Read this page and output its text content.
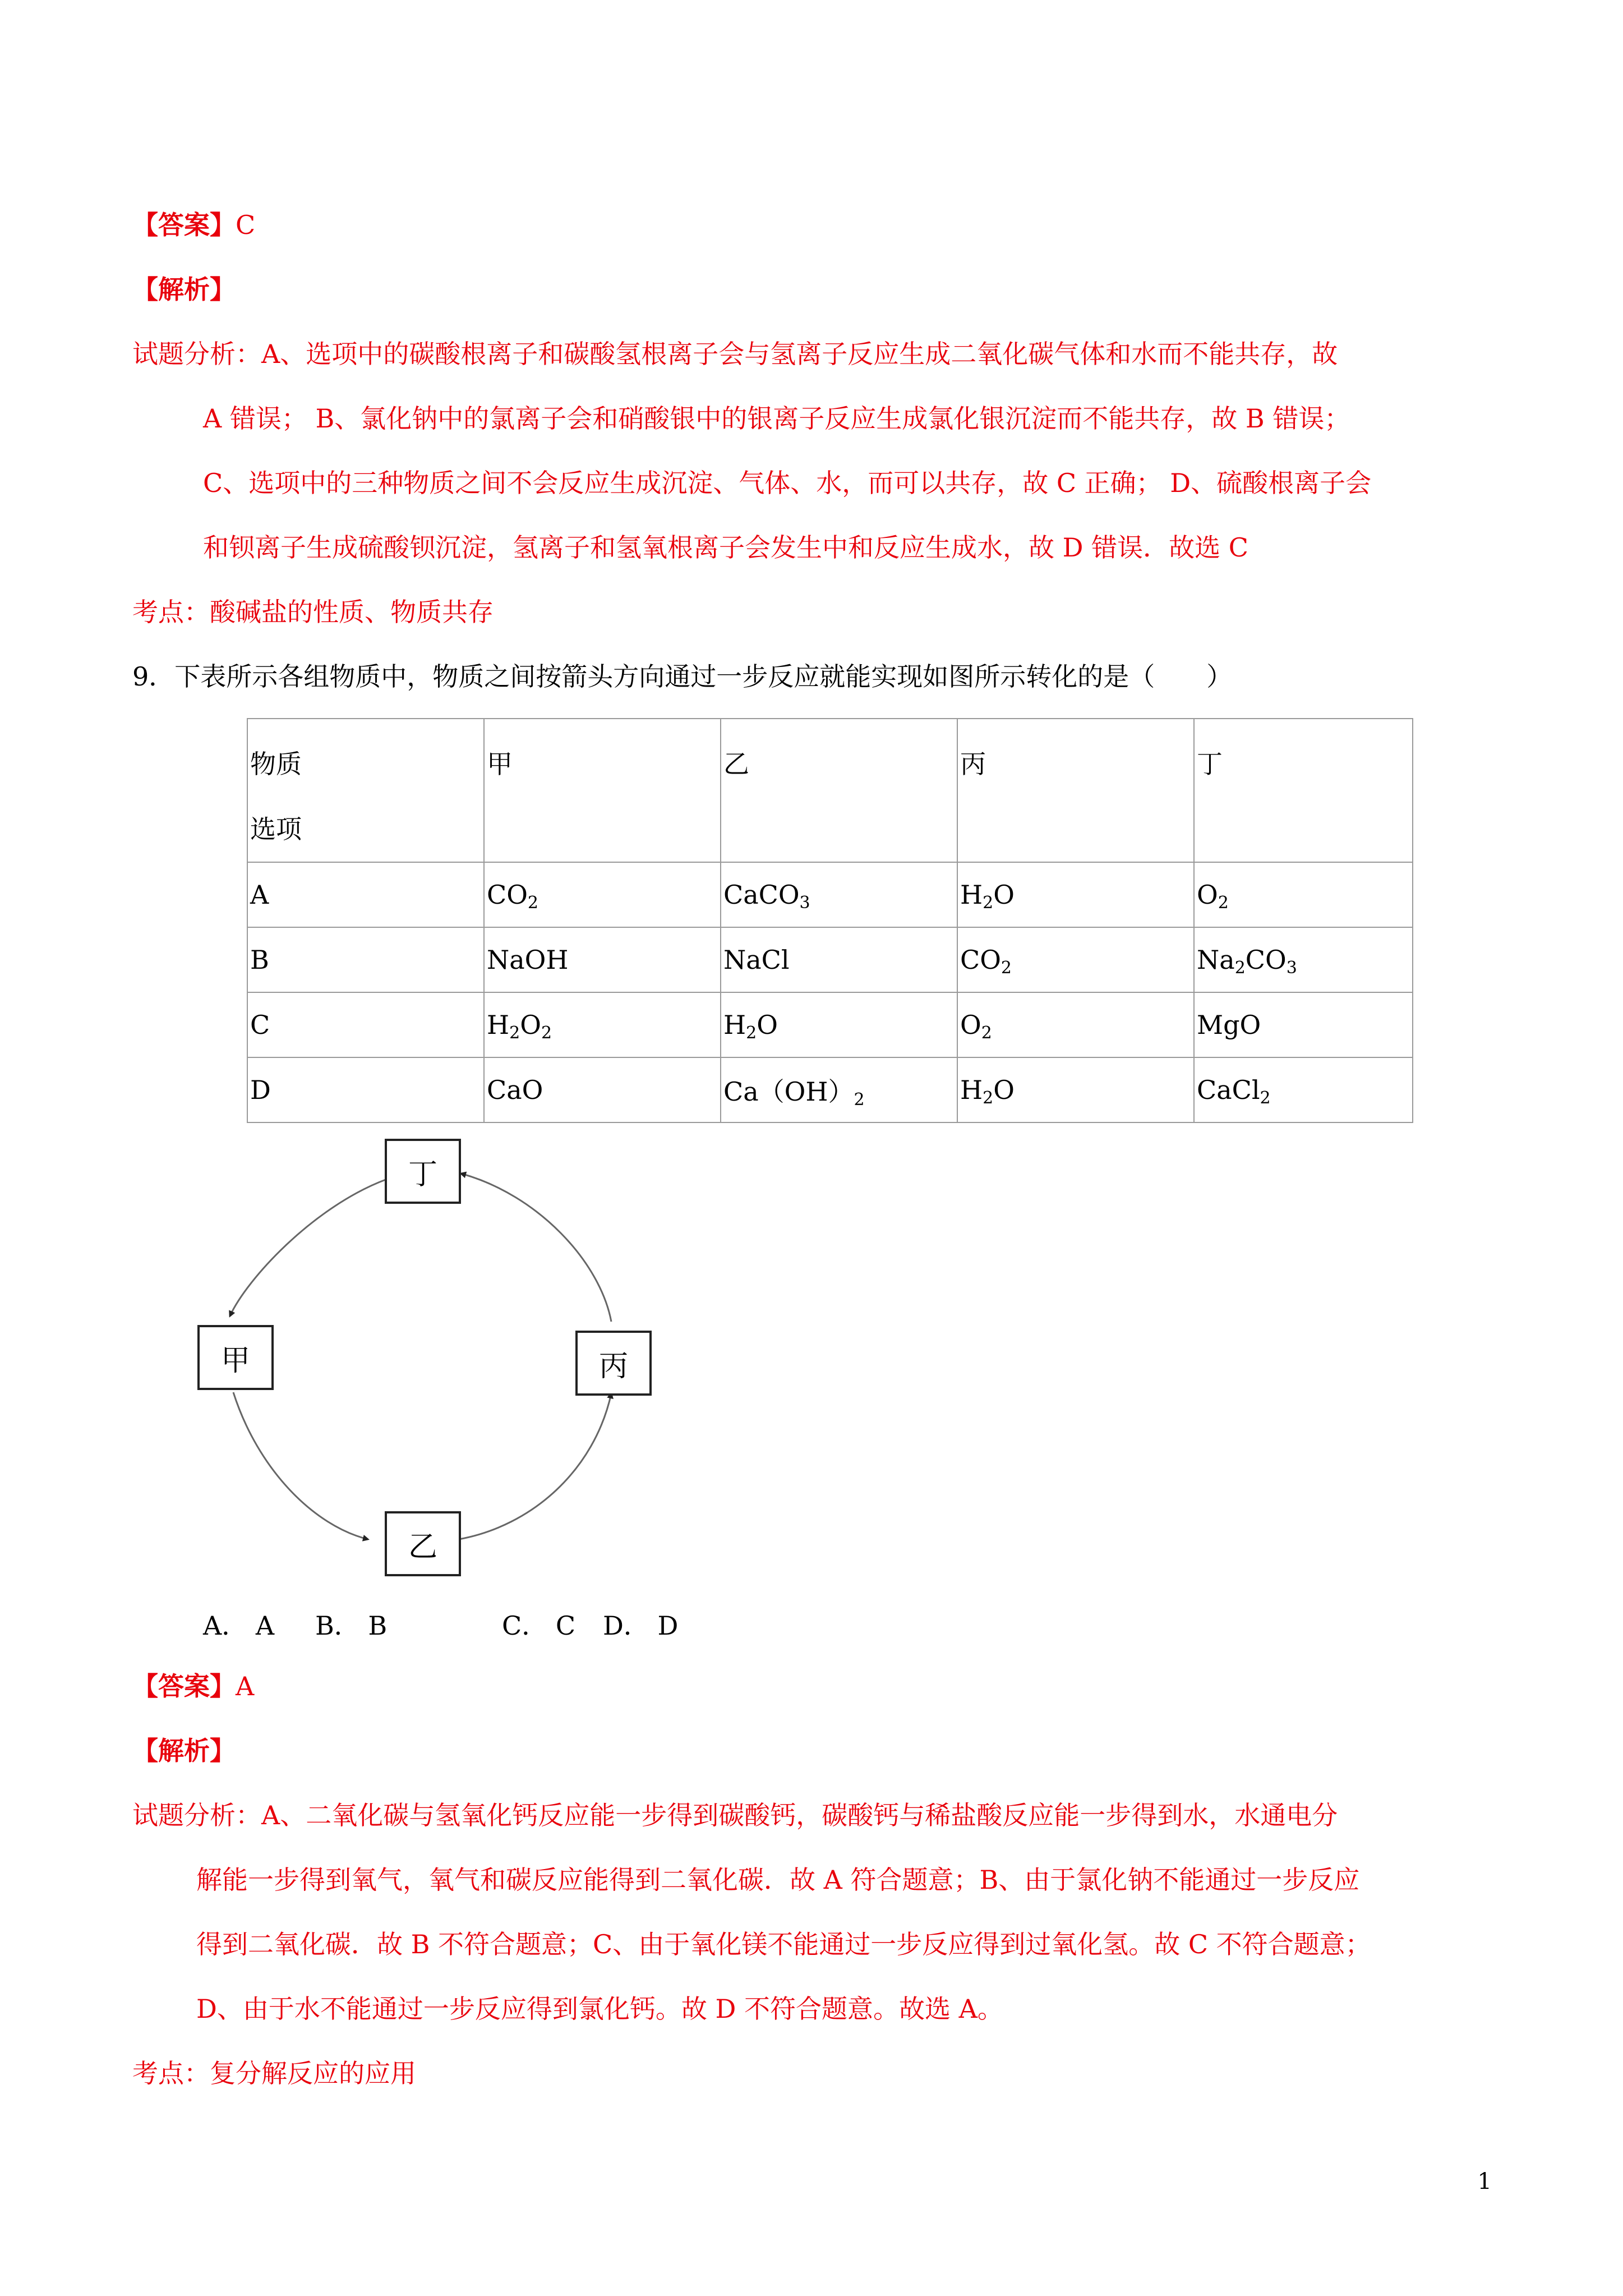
【答案】C
【解析】
试题分析：A、选项中的碳酸根离子和碳酸氢根离子会与氢离子反应生成二氧化碳气体和水而不能共存，故
A 错误； B、氯化钠中的氯离子会和硝酸银中的银离子反应生成氯化银沉淀而不能共存，故 B 错误；
C、选项中的三种物质之间不会反应生成沉淀、气体、水，而可以共存，故 C 正确； D、硫酸根离子会
和钡离子生成硫酸钡沉淀，氢离子和氢氧根离子会发生中和反应生成水，故 D 错误．故选 C
考点：酸碱盐的性质、物质共存
9．下表所示各组物质中，物质之间按箭头方向通过一步反应就能实现如图所示转化的是（　　）
物质
选项	甲	乙	丙	丁
A	$CO_2$	CaCO$_3$	$H_2O$	$O_2$
B	NaOH	NaCl	$CO_2$	$Na_2CO_3$
C	$H_2O_2$	$H_2O$	$O_2$	MgO
D	CaO	$Ca(OH)_2$	$H_2O$	CaCl$_2$
丁
甲	丙
乙
A． A B． B	C． C D． D
【答案】A
【解析】
试题分析：A、二氧化碳与氢氧化钙反应能一步得到碳酸钙，碳酸钙与稀盐酸反应能一步得到水，水通电分
解能一步得到氧气，氧气和碳反应能得到二氧化碳．故 A 符合题意；B、由于氯化钠不能通过一步反应
得到二氧化碳．故 B 不符合题意；C、由于氧化镁不能通过一步反应得到过氧化氢。故 C 不符合题意；
D、由于水不能通过一步反应得到氯化钙。故 D 不符合题意。故选 A。
考点：复分解反应的应用
1
